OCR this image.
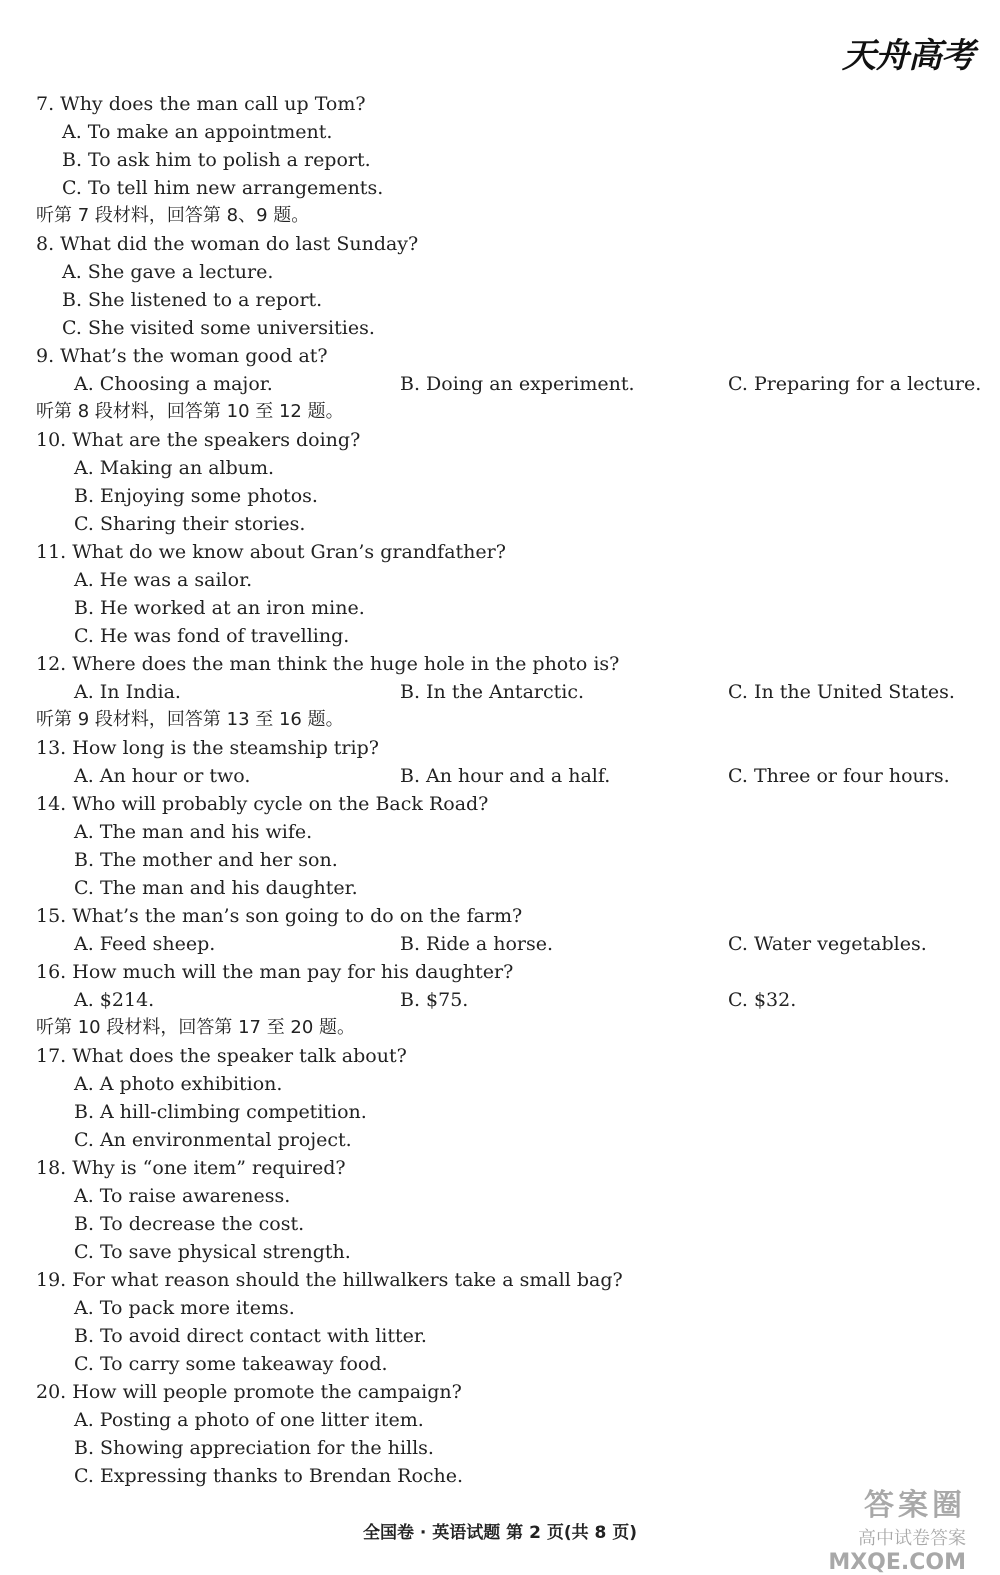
天舟高考
7. Why does the man call up Tom?
A. To make an appointment.
B. To ask him to polish a report.
C. To tell him new arrangements.
听第 7 段材料，回答第 8、9 题。
8. What did the woman do last Sunday?
A. She gave a lecture.
B. She listened to a report.
C. She visited some universities.
9. What’s the woman good at?
A. Choosing a major.	B. Doing an experiment.	C. Preparing for a lecture.
听第 8 段材料，回答第 10 至 12 题。
10. What are the speakers doing?
A. Making an album.
B. Enjoying some photos.
C. Sharing their stories.
11. What do we know about Gran’s grandfather?
A. He was a sailor.
B. He worked at an iron mine.
C. He was fond of travelling.
12. Where does the man think the huge hole in the photo is?
A. In India.	B. In the Antarctic.	C. In the United States.
听第 9 段材料，回答第 13 至 16 题。
13. How long is the steamship trip?
A. An hour or two.	B. An hour and a half.	C. Three or four hours.
14. Who will probably cycle on the Back Road?
A. The man and his wife.
B. The mother and her son.
C. The man and his daughter.
15. What’s the man’s son going to do on the farm?
A. Feed sheep.	B. Ride a horse.	C. Water vegetables.
16. How much will the man pay for his daughter?
A. $214.	B. $75.	C. $32.
听第 10 段材料，回答第 17 至 20 题。
17. What does the speaker talk about?
A. A photo exhibition.
B. A hill-climbing competition.
C. An environmental project.
18. Why is “one item” required?
A. To raise awareness.
B. To decrease the cost.
C. To save physical strength.
19. For what reason should the hillwalkers take a small bag?
A. To pack more items.
B. To avoid direct contact with litter.
C. To carry some takeaway food.
20. How will people promote the campaign?
A. Posting a photo of one litter item.
B. Showing appreciation for the hills.
C. Expressing thanks to Brendan Roche.
答案圈
高中试卷答案
MXQE.COM
全国卷 · 英语试题 第 2 页(共 8 页)
